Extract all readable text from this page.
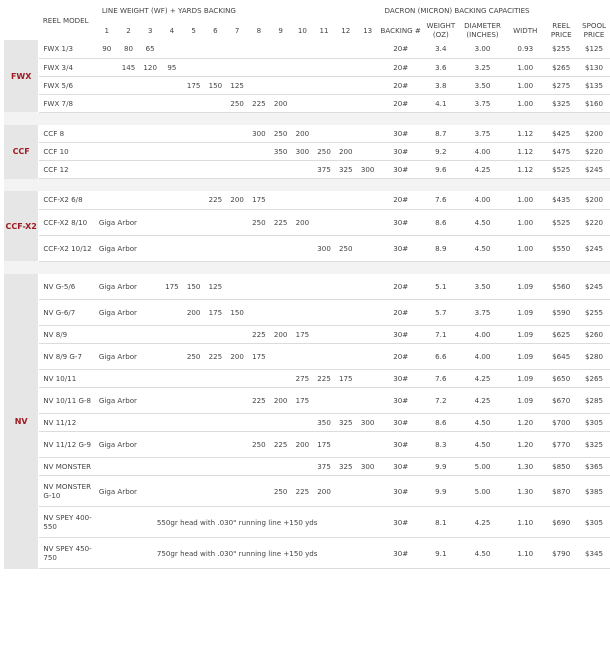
	REEL MODEL	LINE WEIGHT (WF) + YARDS BACKING													DACRON (MICRON) BACKING CAPACITIES					
		1	2	3	4	5	6	7	8	9	10	11	12	13	BACKING #	WEIGHT (OZ)	DIAMETER (INCHES)	WIDTH	REEL PRICE	SPOOL PRICE
FWX	FWX 1/3	90	80	65											20#	3.4	3.00	0.93	$255	$125
	FWX 3/4		145	120	95										20#	3.6	3.25	1.00	$265	$130
	FWX 5/6					175	150	125							20#	3.8	3.50	1.00	$275	$135
	FWX 7/8							250	225	200					20#	4.1	3.75	1.00	$325	$160

CCF	CCF 8								300	250	200				30#	8.7	3.75	1.12	$425	$200
	CCF 10									350	300	250	200		30#	9.2	4.00	1.12	$475	$220
	CCF 12											375	325	300	30#	9.6	4.25	1.12	$525	$245

CCF-X2	CCF-X2 6/8						225	200	175						20#	7.6	4.00	1.00	$435	$200
	CCF-X2 8/10	Giga Arbor							250	225	200				30#	8.6	4.50	1.00	$525	$220
	CCF-X2 10/12	Giga Arbor										300	250		30#	8.9	4.50	1.00	$550	$245

NV	NV G-5/6	Giga Arbor			175	150	125								20#	5.1	3.50	1.09	$560	$245
	NV G-6/7	Giga Arbor				200	175	150							20#	5.7	3.75	1.09	$590	$255
	NV 8/9								225	200	175				30#	7.1	4.00	1.09	$625	$260
	NV 8/9 G-7	Giga Arbor				250	225	200	175						20#	6.6	4.00	1.09	$645	$280
	NV 10/11										275	225	175		30#	7.6	4.25	1.09	$650	$265
	NV 10/11 G-8	Giga Arbor							225	200	175				30#	7.2	4.25	1.09	$670	$285
	NV 11/12											350	325	300	30#	8.6	4.50	1.20	$700	$305
	NV 11/12 G-9	Giga Arbor							250	225	200	175			30#	8.3	4.50	1.20	$770	$325
	NV MONSTER											375	325	300	30#	9.9	5.00	1.30	$850	$365
	NV MONSTER G-10	Giga Arbor								250	225	200			30#	9.9	5.00	1.30	$870	$385
	NV SPEY 400-550	550gr head with .030" running line +150 yds													30#	8.1	4.25	1.10	$690	$305
	NV SPEY 450-750	750gr head with .030" running line +150 yds													30#	9.1	4.50	1.10	$790	$345
